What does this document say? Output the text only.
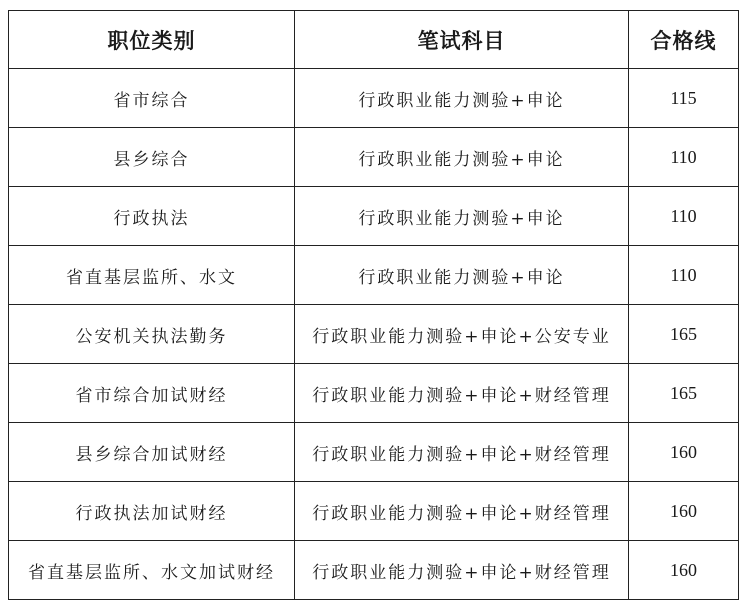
职位类别	笔试科目	合格线
省市综合	行政职业能力测验+申论	115
县乡综合	行政职业能力测验+申论	110
行政执法	行政职业能力测验+申论	110
省直基层监所、水文	行政职业能力测验+申论	110
公安机关执法勤务	行政职业能力测验+申论+公安专业	165
省市综合加试财经	行政职业能力测验+申论+财经管理	165
县乡综合加试财经	行政职业能力测验+申论+财经管理	160
行政执法加试财经	行政职业能力测验+申论+财经管理	160
省直基层监所、水文加试财经	行政职业能力测验+申论+财经管理	160
